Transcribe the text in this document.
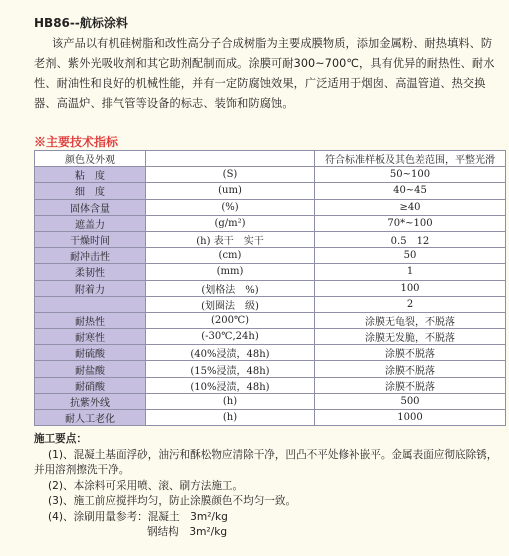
HB86--航标涂料
该产品以有机硅树脂和改性高分子合成树脂为主要成膜物质，添加金属粉、耐热填料、防老剂、紫外光吸收剂和其它助剂配制而成。涂膜可耐300~700℃，具有优异的耐热性、耐水性、耐油性和良好的机械性能，并有一定防腐蚀效果，广泛适用于烟囱、高温管道、热交换器、高温炉、排气管等设备的标志、装饰和防腐蚀。
※主要技术指标
颜色及外观		符合标准样板及其色差范围，平整光滑
粘　度	(S)	50~100
细　度	(um)	40~45
固体含量	(%)	≥40
遮盖力	(g/m²)	70*~100
干燥时间	(h) 表干　实干	0.5　12
耐冲击性	(cm)	50
柔韧性	(mm)	1
附着力	(划格法　%)	100
	(划圈法　级)	2
耐热性	(200℃)	涂膜无龟裂，不脱落
耐寒性	(-30℃,24h)	涂膜无发脆，不脱落
耐硫酸	(40%浸渍，48h)	涂膜不脱落
耐盐酸	(15%浸渍，48h)	涂膜不脱落
耐硝酸	(10%浸渍，48h)	涂膜不脱落
抗紫外线	(h)	500
耐人工老化	(h)	1000
施工要点：
(1)、混凝土基面浮砂，油污和酥松物应清除干净，凹凸不平处修补嵌平。金属表面应彻底除锈，并用溶剂擦洗干净。
(2)、本涂料可采用喷、滚、刷方法施工。
(3)、施工前应搅拌均匀，防止涂膜颜色不均匀一致。
(4)、涂刷用量参考：混凝土　3m²/kg
钢结构　3m²/kg
